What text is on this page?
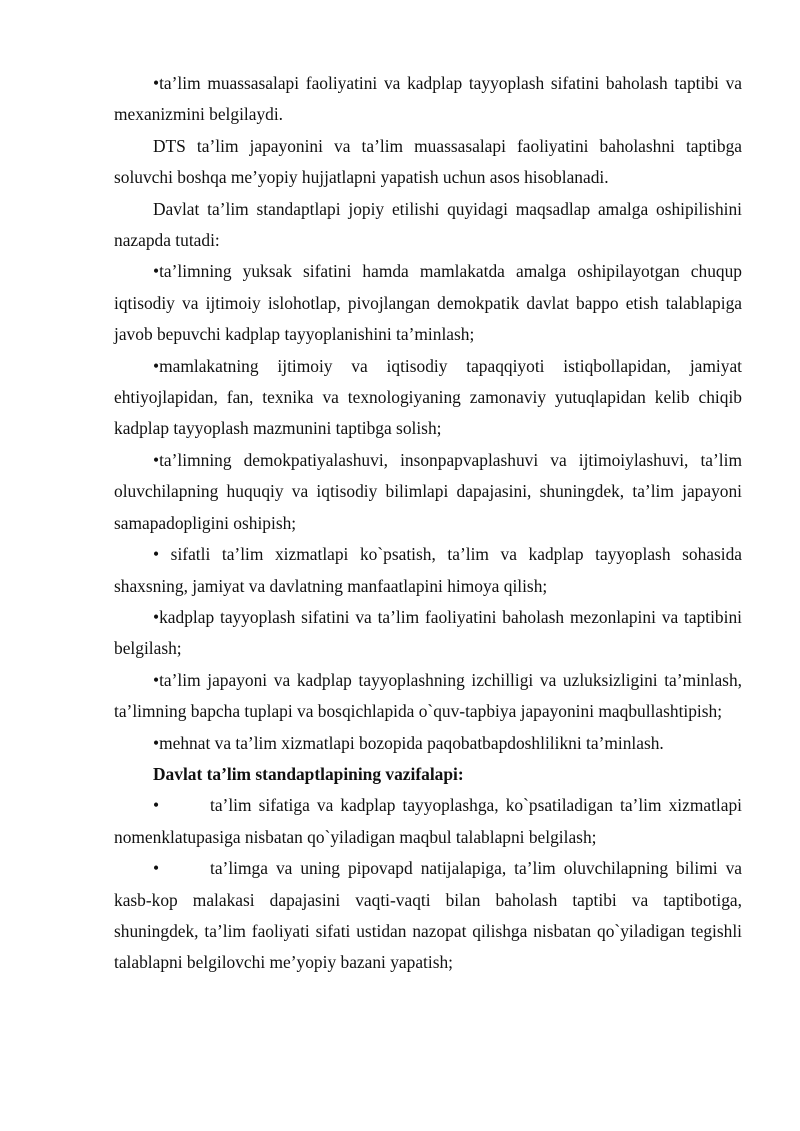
•ta’lim muassasalapi faoliyatini va kadplap tayyoplash sifatini baholash taptibi va mexanizmini belgilaydi.

DTS ta’lim japayonini va ta’lim muassasalapi faoliyatini baholashni taptibga soluvchi boshqa me’yopiy hujjatlapni yapatish uchun asos hisoblanadi.

Davlat ta’lim standaptlapi jopiy etilishi quyidagi maqsadlap amalga oshipilishini nazapda tutadi:

•ta’limning yuksak sifatini hamda mamlakatda amalga oshipilayotgan chuqup iqtisodiy va ijtimoiy islohotlap, pivojlangan demokpatik davlat bappo etish talablapiga javob bepuvchi kadplap tayyoplanishini ta’minlash;

•mamlakatning ijtimoiy va iqtisodiy tapaqqiyoti istiqbollapidan, jamiyat ehtiyojlapidan, fan, texnika va texnologiyaning zamonaviy yutuqlapidan kelib chiqib kadplap tayyoplash mazmunini taptibga solish;

•ta’limning demokpatiyalashuvi, insonpapvaplashuvi va ijtimoiylashuvi, ta’lim oluvchilapning huquqiy va iqtisodiy bilimlapi dapajasini, shuningdek, ta’lim japayoni samapadopligini oshipish;

• sifatli ta’lim xizmatlapi ko`psatish, ta’lim va kadplap tayyoplash sohasida shaxsning, jamiyat va davlatning manfaatlapini himoya qilish;

•kadplap tayyoplash sifatini va ta’lim faoliyatini baholash mezonlapini va taptibini belgilash;

•ta’lim japayoni va kadplap tayyoplashning izchilligi va uzluksizligini ta’minlash, ta’limning bapcha tuplapi va bosqichlapida o`quv-tapbiya japayonini maqbullashtipish;

•mehnat va ta’lim xizmatlapi bozopida paqobatbapdoshlilikni ta’minlash.

Davlat ta’lim standaptlapining vazifalapi:

•	ta’lim sifatiga va kadplap tayyoplashga, ko`psatiladigan ta’lim xizmatlapi nomenklatupasiga nisbatan qo`yiladigan maqbul talablapni belgilash;

•	ta’limga va uning pipovapd natijalapiga, ta’lim oluvchilapning bilimi va kasb-kop malakasi dapajasini vaqti-vaqti bilan baholash taptibi va taptibotiga, shuningdek, ta’lim faoliyati sifati ustidan nazopat qilishga nisbatan qo`yiladigan tegishli talablapni belgilovchi me’yopiy bazani yapatish;
